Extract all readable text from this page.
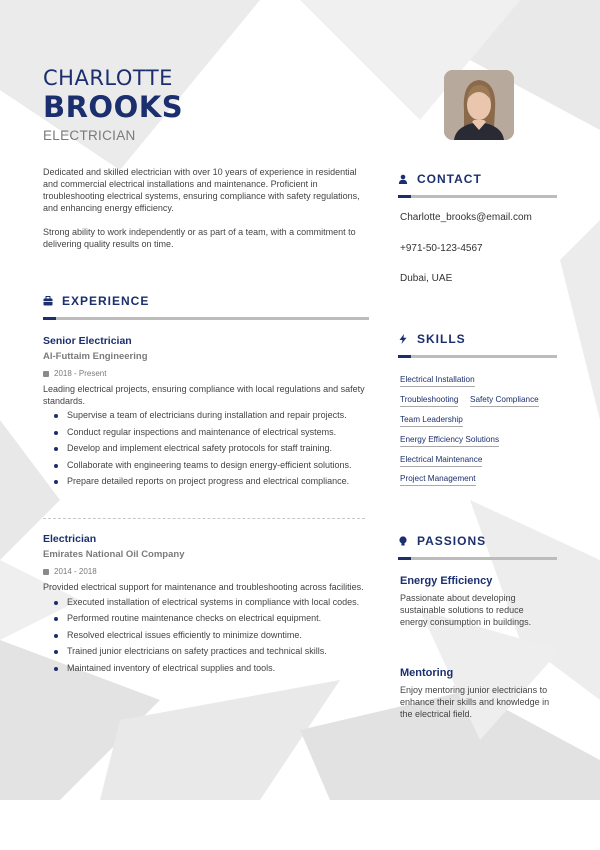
CHARLOTTE
BROOKS
ELECTRICIAN

Dedicated and skilled electrician with over 10 years of experience in residential and commercial electrical installations and maintenance. Proficient in troubleshooting electrical systems, ensuring compliance with safety regulations, and enhancing energy efficiency.

Strong ability to work independently or as part of a team, with a commitment to delivering quality results on time.

EXPERIENCE
Senior Electrician
Al-Futtaim Engineering
2018 - Present
Leading electrical projects, ensuring compliance with local regulations and safety standards.
Supervise a team of electricians during installation and repair projects.
Conduct regular inspections and maintenance of electrical systems.
Develop and implement electrical safety protocols for staff training.
Collaborate with engineering teams to design energy-efficient solutions.
Prepare detailed reports on project progress and electrical compliance.
Electrician
Emirates National Oil Company
2014 - 2018
Provided electrical support for maintenance and troubleshooting across facilities.
Executed installation of electrical systems in compliance with local codes.
Performed routine maintenance checks on electrical equipment.
Resolved electrical issues efficiently to minimize downtime.
Trained junior electricians on safety practices and technical skills.
Maintained inventory of electrical supplies and tools.
CONTACT
Charlotte_brooks@email.com
+971-50-123-4567
Dubai, UAE
SKILLS
Electrical Installation
Troubleshooting Safety Compliance
Team Leadership
Energy Efficiency Solutions
Electrical Maintenance
Project Management
PASSIONS
Energy Efficiency
Passionate about developing sustainable solutions to reduce energy consumption in buildings.
Mentoring
Enjoy mentoring junior electricians to enhance their skills and knowledge in the electrical field.
